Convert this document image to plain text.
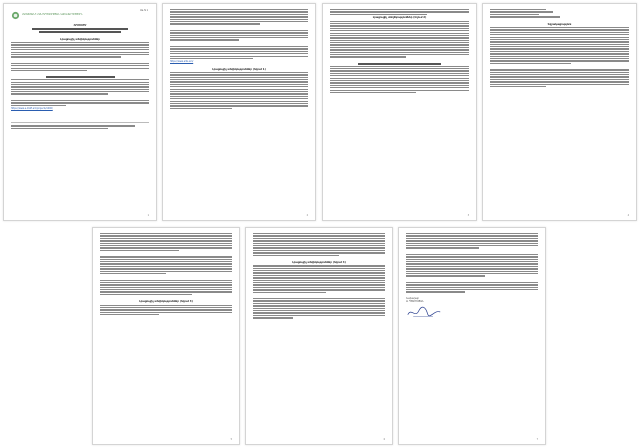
Ձև N 1
ՀԱՅԱՍՏԱՆԻ ՀԱՆՐԱՊԵՏՈՒԹՅԱՆ ԿԱՌԱՎԱՐՈՒԹՅՈՒՆ
ՈՐՈՇՈՒՄ
Լրացուցիչ տեղեկություններ
https://www.e-draft.am/projects/1000/
1
https://www.arlis.am/
Լրացուցիչ տեղեկություններ (հղում 1)
2
Լրացուցիչ տեղեկություններ (հղում 2)
3
Եզրակացություն
4
Լրացուցիչ տեղեկություններ (հղում 3)
5
Լրացուցիչ տեղեկություններ (հղում 4)
6
Նախարար
Ա. ՊԵՏՐՈՍՅԱՆ
7
